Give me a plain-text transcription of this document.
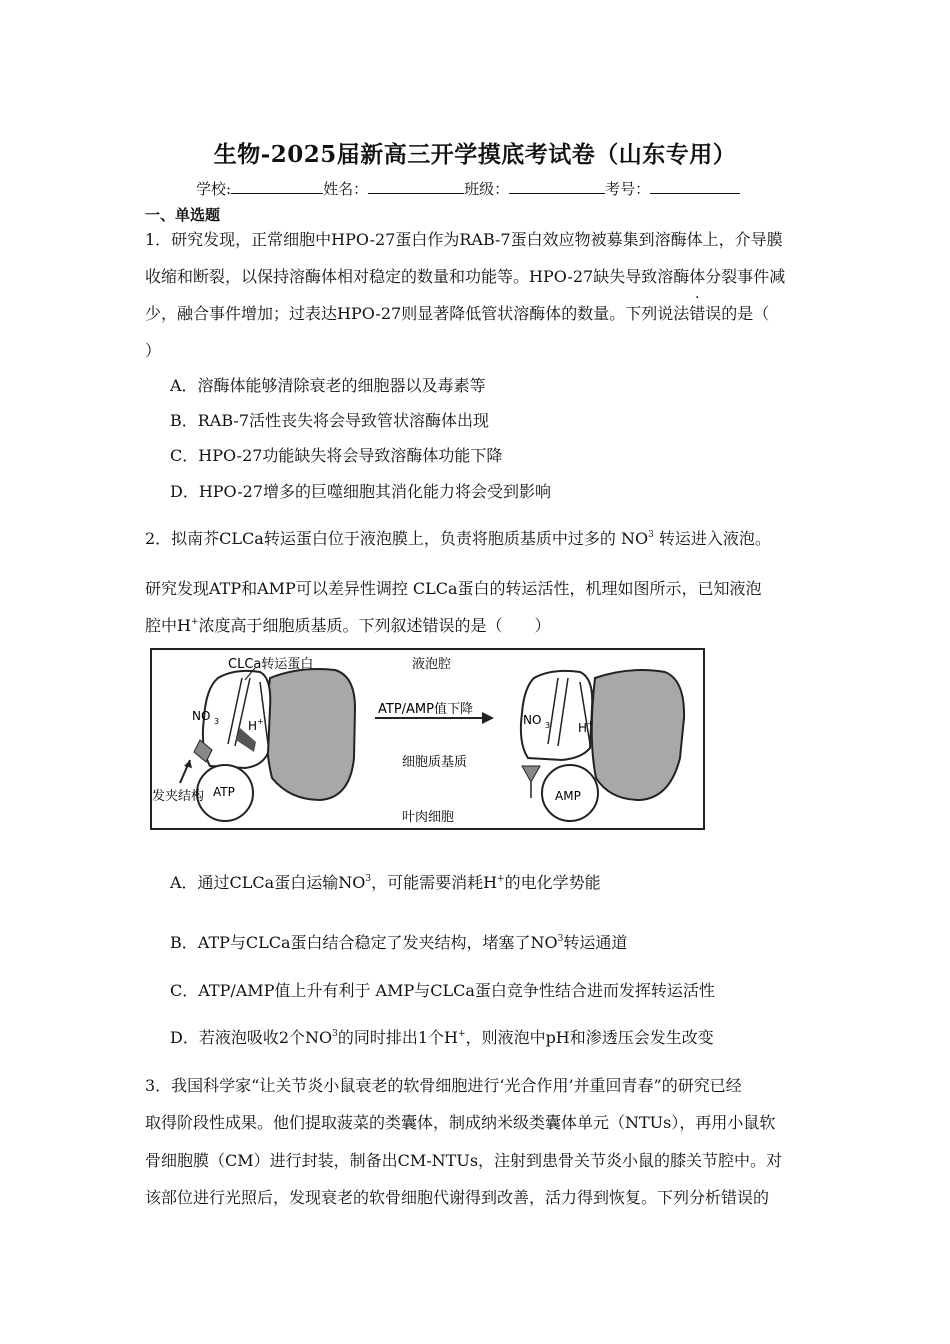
生物-2025届新高三开学摸底考试卷（山东专用）
学校:	姓名：	班级：	考号：
一、单选题
1．研究发现，正常细胞中HPO-27蛋白作为RAB-7蛋白效应物被募集到溶酶体上，介导膜
收缩和断裂，以保持溶酶体相对稳定的数量和功能等。HPO-27缺失导致溶酶体分裂事件减
少，融合事件增加；过表达HPO-27则显著降低管状溶酶体的数量。下列说法错误的是（
）
A．溶酶体能够清除衰老的细胞器以及毒素等
B．RAB-7活性丧失将会导致管状溶酶体出现
C．HPO-27功能缺失将会导致溶酶体功能下降
D．HPO-27增多的巨噬细胞其消化能力将会受到影响
2．拟南芥CLCa转运蛋白位于液泡膜上，负责将胞质基质中过多的 $NO^3$ 转运进入液泡。
研究发现ATP和AMP可以差异性调控 CLCa蛋白的转运活性，机理如图所示，已知液泡
腔中H+浓度高于细胞质基质。下列叙述错误的是（　　）
CLCa转运蛋白	液泡腔
ATP/AMP值下降
细胞质基质
叶肉细胞
发夹结构 ATP	AMP
NO 3 H +	NO 3 H +
A．通过CLCa蛋白运输$NO^3$，可能需要消耗H+的电化学势能
B．ATP与CLCa蛋白结合稳定了发夹结构，堵塞了$NO^3$转运通道
C．ATP/AMP值上升有利于 AMP与CLCa蛋白竞争性结合进而发挥转运活性
D．若液泡吸收2个$NO^3$的同时排出1个H+，则液泡中pH和渗透压会发生改变
3．我国科学家“让关节炎小鼠衰老的软骨细胞进行‘光合作用’并重回青春”的研究已经
取得阶段性成果。他们提取菠菜的类囊体，制成纳米级类囊体单元（NTUs），再用小鼠软
骨细胞膜（CM）进行封装，制备出CM-NTUs，注射到患骨关节炎小鼠的膝关节腔中。对
该部位进行光照后，发现衰老的软骨细胞代谢得到改善，活力得到恢复。下列分析错误的
